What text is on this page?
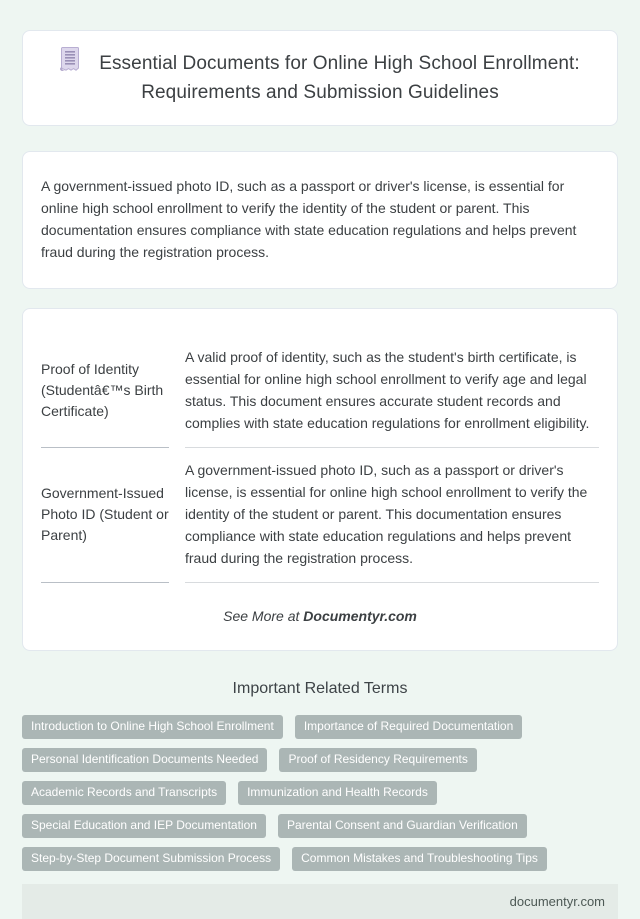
Essential Documents for Online High School Enrollment: Requirements and Submission Guidelines

A government-issued photo ID, such as a passport or driver's license, is essential for online high school enrollment to verify the identity of the student or parent. This documentation ensures compliance with state education regulations and helps prevent fraud during the registration process.

Proof of Identity (Studentâ€™s Birth Certificate)
A valid proof of identity, such as the student's birth certificate, is essential for online high school enrollment to verify age and legal status. This document ensures accurate student records and complies with state education regulations for enrollment eligibility.
Government-Issued Photo ID (Student or Parent)
A government-issued photo ID, such as a passport or driver's license, is essential for online high school enrollment to verify the identity of the student or parent. This documentation ensures compliance with state education regulations and helps prevent fraud during the registration process.
See More at Documentyr.com
Important Related Terms
Introduction to Online High School Enrollment	Importance of Required Documentation
Personal Identification Documents Needed	Proof of Residency Requirements
Academic Records and Transcripts	Immunization and Health Records
Special Education and IEP Documentation	Parental Consent and Guardian Verification
Step-by-Step Document Submission Process	Common Mistakes and Troubleshooting Tips
documentyr.com
